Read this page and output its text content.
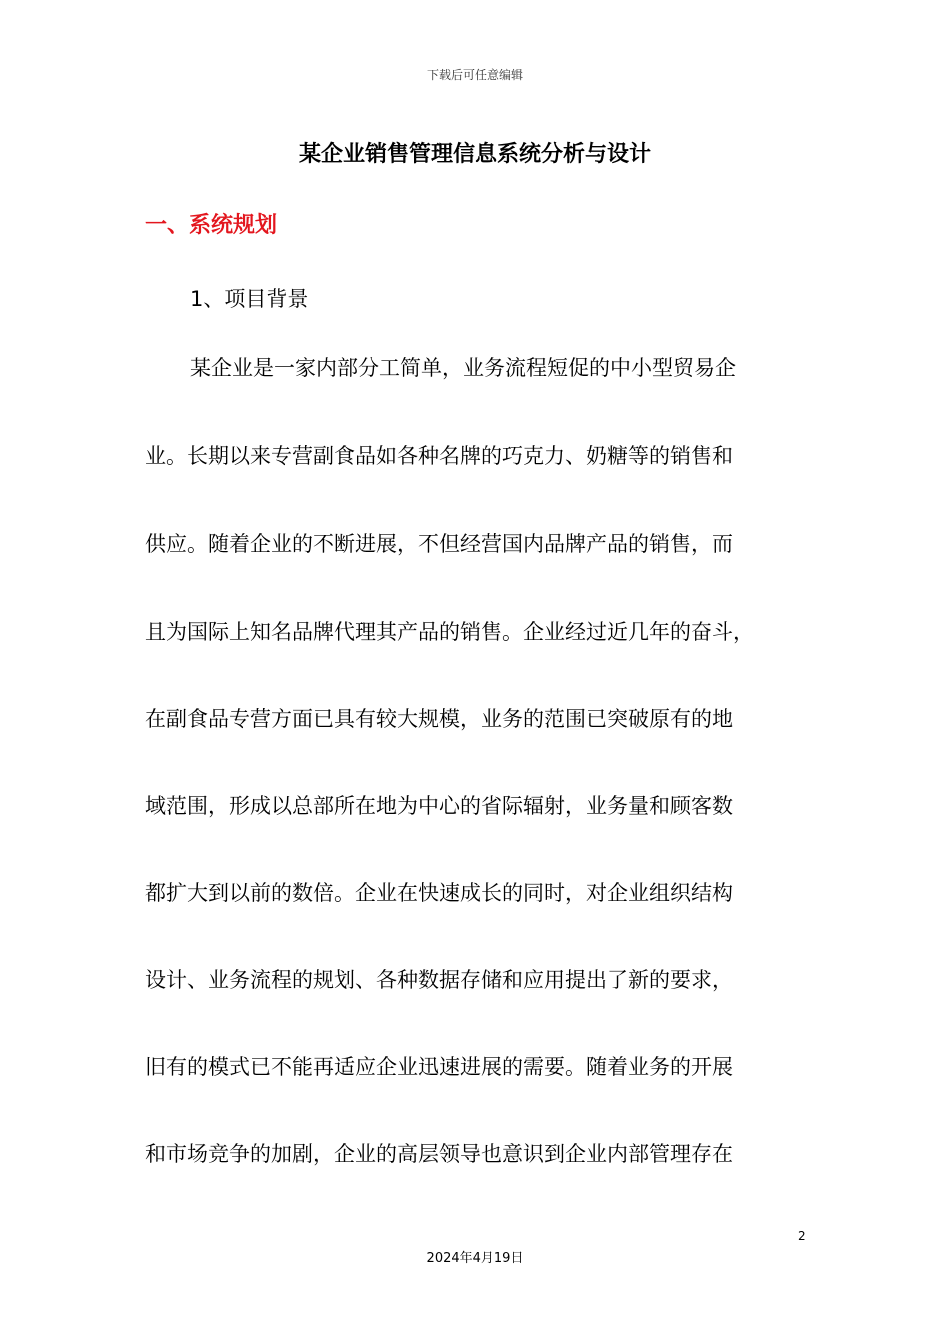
下载后可任意编辑
某企业销售管理信息系统分析与设计
一、系统规划
1、项目背景
某企业是一家内部分工简单，业务流程短促的中小型贸易企
业。长期以来专营副食品如各种名牌的巧克力、奶糖等的销售和
供应。随着企业的不断进展，不但经营国内品牌产品的销售，而
且为国际上知名品牌代理其产品的销售。企业经过近几年的奋斗，
在副食品专营方面已具有较大规模，业务的范围已突破原有的地
域范围，形成以总部所在地为中心的省际辐射，业务量和顾客数
都扩大到以前的数倍。企业在快速成长的同时，对企业组织结构
设计、业务流程的规划、各种数据存储和应用提出了新的要求，
旧有的模式已不能再适应企业迅速进展的需要。随着业务的开展
和市场竞争的加剧，企业的高层领导也意识到企业内部管理存在
2
2024年4月19日
